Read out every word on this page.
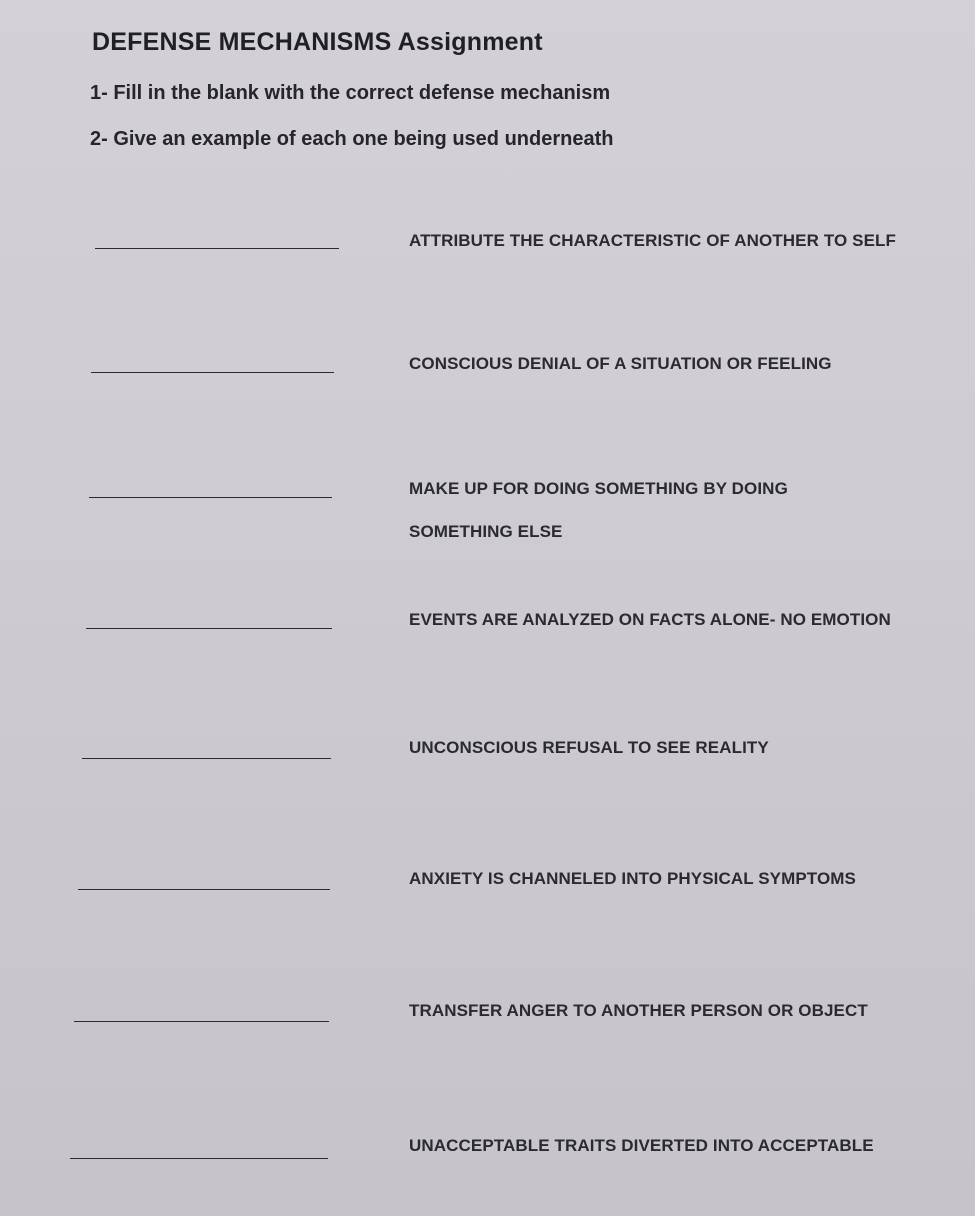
DEFENSE MECHANISMS Assignment
1- Fill in the blank with the correct defense mechanism
2- Give an example of each one being used underneath
ATTRIBUTE THE CHARACTERISTIC OF ANOTHER TO SELF
CONSCIOUS DENIAL OF A SITUATION OR FEELING
MAKE UP FOR DOING SOMETHING BY DOING
SOMETHING ELSE
EVENTS ARE ANALYZED ON FACTS ALONE- NO EMOTION
UNCONSCIOUS REFUSAL TO SEE REALITY
ANXIETY IS CHANNELED INTO PHYSICAL SYMPTOMS
TRANSFER ANGER TO ANOTHER PERSON OR OBJECT
UNACCEPTABLE TRAITS DIVERTED INTO ACCEPTABLE
